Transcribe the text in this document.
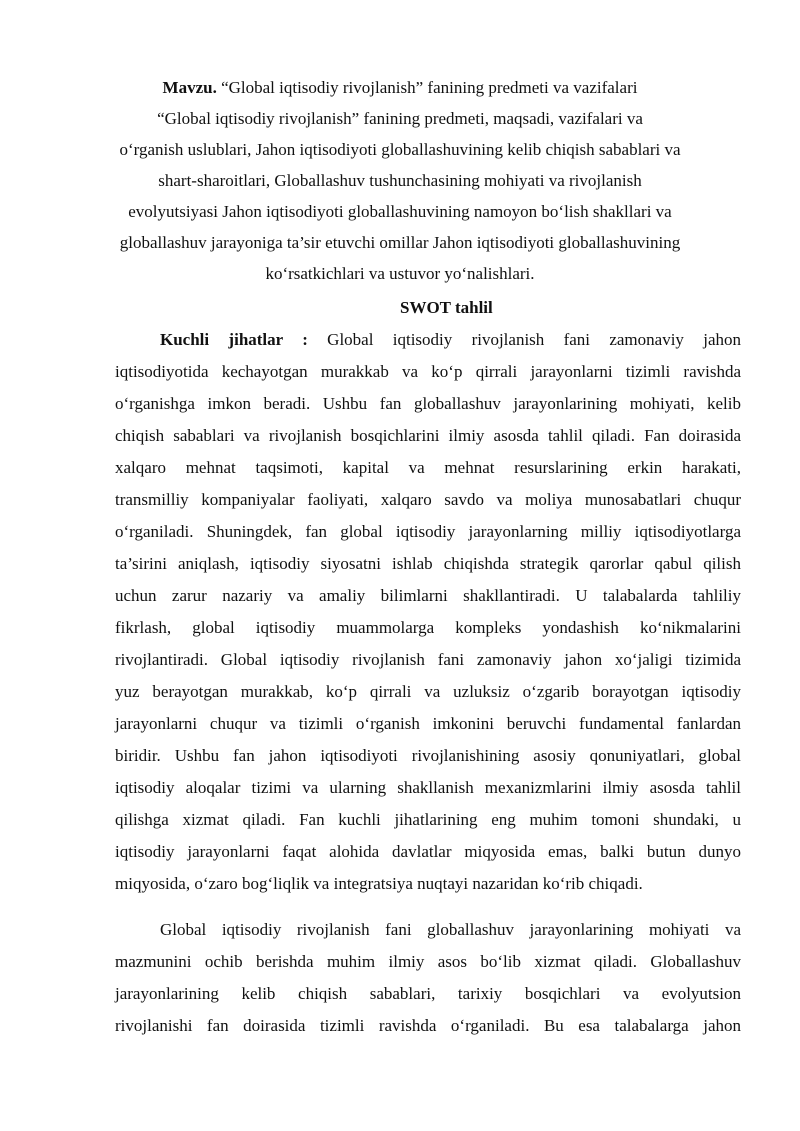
Mavzu. “Global iqtisodiy rivojlanish” fanining predmeti va vazifalari
“Global iqtisodiy rivojlanish” fanining predmeti, maqsadi, vazifalari va
o‘rganish uslublari, Jahon iqtisodiyoti globallashuvining kelib chiqish sabablari va
shart-sharoitlari, Globallashuv tushunchasining mohiyati va rivojlanish
evolyutsiyasi Jahon iqtisodiyoti globallashuvining namoyon bo‘lish shakllari va
globallashuv jarayoniga ta’sir etuvchi omillar Jahon iqtisodiyoti globallashuvining
ko‘rsatkichlari va ustuvor yo‘nalishlari.
SWOT tahlil
Kuchli jihatlar : Global iqtisodiy rivojlanish fani zamonaviy jahon
iqtisodiyotida kechayotgan murakkab va ko‘p qirrali jarayonlarni tizimli ravishda
o‘rganishga imkon beradi. Ushbu fan globallashuv jarayonlarining mohiyati, kelib
chiqish sabablari va rivojlanish bosqichlarini ilmiy asosda tahlil qiladi. Fan doirasida
xalqaro mehnat taqsimoti, kapital va mehnat resurslarining erkin harakati,
transmilliy kompaniyalar faoliyati, xalqaro savdo va moliya munosabatlari chuqur
o‘rganiladi. Shuningdek, fan global iqtisodiy jarayonlarning milliy iqtisodiyotlarga
ta’sirini aniqlash, iqtisodiy siyosatni ishlab chiqishda strategik qarorlar qabul qilish
uchun zarur nazariy va amaliy bilimlarni shakllantiradi. U talabalarda tahliliy
fikrlash, global iqtisodiy muammolarga kompleks yondashish ko‘nikmalarini
rivojlantiradi. Global iqtisodiy rivojlanish fani zamonaviy jahon xo‘jaligi tizimida
yuz berayotgan murakkab, ko‘p qirrali va uzluksiz o‘zgarib borayotgan iqtisodiy
jarayonlarni chuqur va tizimli o‘rganish imkonini beruvchi fundamental fanlardan
biridir. Ushbu fan jahon iqtisodiyoti rivojlanishining asosiy qonuniyatlari, global
iqtisodiy aloqalar tizimi va ularning shakllanish mexanizmlarini ilmiy asosda tahlil
qilishga xizmat qiladi. Fan kuchli jihatlarining eng muhim tomoni shundaki, u
iqtisodiy jarayonlarni faqat alohida davlatlar miqyosida emas, balki butun dunyo
miqyosida, o‘zaro bog‘liqlik va integratsiya nuqtayi nazaridan ko‘rib chiqadi.
Global iqtisodiy rivojlanish fani globallashuv jarayonlarining mohiyati va
mazmunini ochib berishda muhim ilmiy asos bo‘lib xizmat qiladi. Globallashuv
jarayonlarining kelib chiqish sabablari, tarixiy bosqichlari va evolyutsion
rivojlanishi fan doirasida tizimli ravishda o‘rganiladi. Bu esa talabalarga jahon
